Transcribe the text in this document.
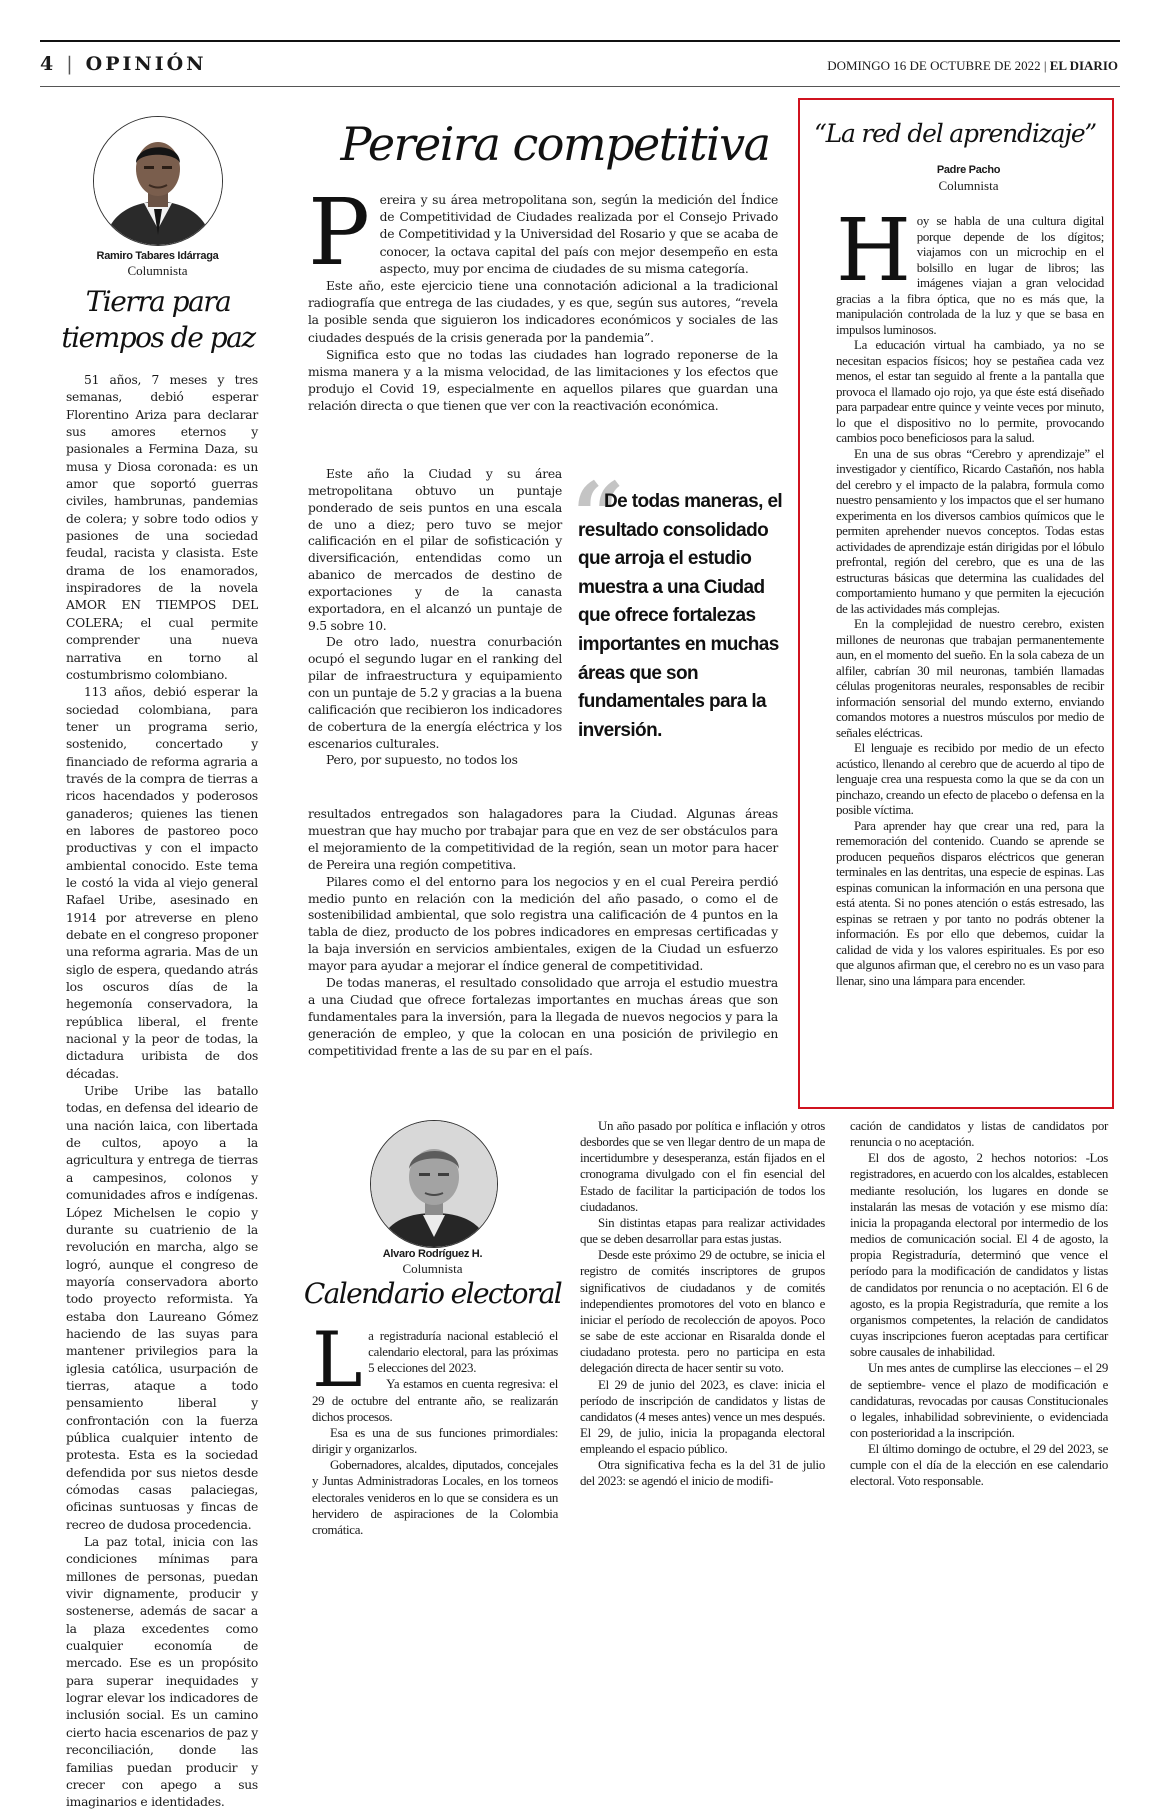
4 | OPINIÓN	DOMINGO 16 DE OCTUBRE DE 2022 | EL DIARIO
Ramiro Tabares Idárraga
Columnista
Tierra para tiempos de paz

51 años, 7 meses y tres semanas, debió esperar Florentino Ariza para declarar sus amores eternos y pasionales a Fermina Daza, su musa y Diosa coronada: es un amor que soportó guerras civiles, hambrunas, pandemias de colera; y sobre todo odios y pasiones de una sociedad feudal, racista y clasista. Este drama de los enamorados, inspiradores de la novela AMOR EN TIEMPOS DEL COLERA; el cual permite comprender una nueva narrativa en torno al costumbrismo colombiano.

113 años, debió esperar la sociedad colombiana, para tener un programa serio, sostenido, concertado y financiado de reforma agraria a través de la compra de tierras a ricos hacendados y poderosos ganaderos; quienes las tienen en labores de pastoreo poco productivas y con el impacto ambiental conocido. Este tema le costó la vida al viejo general Rafael Uribe, asesinado en 1914 por atreverse en pleno debate en el congreso proponer una reforma agraria. Mas de un siglo de espera, quedando atrás los oscuros días de la hegemonía conservadora, la república liberal, el frente nacional y la peor de todas, la dictadura uribista de dos décadas.

Uribe Uribe las batallo todas, en defensa del ideario de una nación laica, con libertada de cultos, apoyo a la agricultura y entrega de tierras a campesinos, colonos y comunidades afros e indígenas. López Michelsen le copio y durante su cuatrienio de la revolución en marcha, algo se logró, aunque el congreso de mayoría conservadora aborto todo proyecto reformista. Ya estaba don Laureano Gómez haciendo de las suyas para mantener privilegios para la iglesia católica, usurpación de tierras, ataque a todo pensamiento liberal y confrontación con la fuerza pública cualquier intento de protesta. Esta es la sociedad defendida por sus nietos desde cómodas casas palaciegas, oficinas suntuosas y fincas de recreo de dudosa procedencia.

La paz total, inicia con las condiciones mínimas para millones de personas, puedan vivir dignamente, producir y sostenerse, además de sacar a la plaza excedentes como cualquier economía de mercado. Ese es un propósito para superar inequidades y lograr elevar los indicadores de inclusión social. Es un camino cierto hacia escenarios de paz y reconciliación, donde las familias puedan producir y crecer con apego a sus imaginarios e identidades.

Pereira competitiva

Pereira y su área metropolitana son, según la medición del Índice de Competitividad de Ciudades realizada por el Consejo Privado de Competitividad y la Universidad del Rosario y que se acaba de conocer, la octava capital del país con mejor desempeño en esta aspecto, muy por encima de ciudades de su misma categoría.

Este año, este ejercicio tiene una connotación adicional a la tradicional radiografía que entrega de las ciudades, y es que, según sus autores, “revela la posible senda que siguieron los indicadores económicos y sociales de las ciudades después de la crisis generada por la pandemia”.

Significa esto que no todas las ciudades han logrado reponerse de la misma manera y a la misma velocidad, de las limitaciones y los efectos que produjo el Covid 19, especialmente en aquellos pilares que guardan una relación directa o que tienen que ver con la reactivación económica.

Este año la Ciudad y su área metropolitana obtuvo un puntaje ponderado de seis puntos en una escala de uno a diez; pero tuvo se mejor calificación en el pilar de sofisticación y diversificación, entendidas como un abanico de mercados de destino de exportaciones y de la canasta exportadora, en el alcanzó un puntaje de 9.5 sobre 10.

De otro lado, nuestra conurbación ocupó el segundo lugar en el ranking del pilar de infraestructura y equipamiento con un puntaje de 5.2 y gracias a la buena calificación que recibieron los indicadores de cobertura de la energía eléctrica y los escenarios culturales.

Pero, por supuesto, no todos los

“
De todas maneras, el resultado consolidado que arroja el estudio muestra a una Ciudad que ofrece fortalezas importantes en muchas áreas que son fundamentales para la inversión.

resultados entregados son halagadores para la Ciudad. Algunas áreas muestran que hay mucho por trabajar para que en vez de ser obstáculos para el mejoramiento de la competitividad de la región, sean un motor para hacer de Pereira una región competitiva.

Pilares como el del entorno para los negocios y en el cual Pereira perdió medio punto en relación con la medición del año pasado, o como el de sostenibilidad ambiental, que solo registra una calificación de 4 puntos en la tabla de diez, producto de los pobres indicadores en empresas certificadas y la baja inversión en servicios ambientales, exigen de la Ciudad un esfuerzo mayor para ayudar a mejorar el índice general de competitividad.

De todas maneras, el resultado consolidado que arroja el estudio muestra a una Ciudad que ofrece fortalezas importantes en muchas áreas que son fundamentales para la inversión, para la llegada de nuevos negocios y para la generación de empleo, y que la colocan en una posición de privilegio en competitividad frente a las de su par en el país.

“La red del aprendizaje”
Padre Pacho
Columnista

Hoy se habla de una cultura digital porque depende de los dígitos; viajamos con un microchip en el bolsillo en lugar de libros; las imágenes viajan a gran velocidad gracias a la fibra óptica, que no es más que, la manipulación controlada de la luz y que se basa en impulsos luminosos.

La educación virtual ha cambiado, ya no se necesitan espacios físicos; hoy se pestañea cada vez menos, el estar tan seguido al frente a la pantalla que provoca el llamado ojo rojo, ya que éste está diseñado para parpadear entre quince y veinte veces por minuto, lo que el dispositivo no lo permite, provocando cambios poco beneficiosos para la salud.

En una de sus obras “Cerebro y aprendizaje” el investigador y científico, Ricardo Castañón, nos habla del cerebro y el impacto de la palabra, formula como nuestro pensamiento y los impactos que el ser humano experimenta en los diversos cambios químicos que le permiten aprehender nuevos conceptos. Todas estas actividades de aprendizaje están dirigidas por el lóbulo prefrontal, región del cerebro, que es una de las estructuras básicas que determina las cualidades del comportamiento humano y que permiten la ejecución de las actividades más complejas.

En la complejidad de nuestro cerebro, existen millones de neuronas que trabajan permanentemente aun, en el momento del sueño. En la sola cabeza de un alfiler, cabrían 30 mil neuronas, también llamadas células progenitoras neurales, responsables de recibir información sensorial del mundo externo, enviando comandos motores a nuestros músculos por medio de señales eléctricas.

El lenguaje es recibido por medio de un efecto acústico, llenando al cerebro que de acuerdo al tipo de lenguaje crea una respuesta como la que se da con un pinchazo, creando un efecto de placebo o defensa en la posible víctima.

Para aprender hay que crear una red, para la rememoración del contenido. Cuando se aprende se producen pequeños disparos eléctricos que generan terminales en las dentritas, una especie de espinas. Las espinas comunican la información en una persona que está atenta. Si no pones atención o estás estresado, las espinas se retraen y por tanto no podrás obtener la información. Es por ello que debemos, cuidar la calidad de vida y los valores espirituales. Es por eso que algunos afirman que, el cerebro no es un vaso para llenar, sino una lámpara para encender.

Alvaro Rodríguez H.
Columnista
Calendario electoral

La registraduría nacional estableció el calendario electoral, para las próximas 5 elecciones del 2023.

Ya estamos en cuenta regresiva: el 29 de octubre del entrante año, se realizarán dichos procesos.

Esa es una de sus funciones primordiales: dirigir y organizarlos.

Gobernadores, alcaldes, diputados, concejales y Juntas Administradoras Locales, en los torneos electorales venideros en lo que se considera es un hervidero de aspiraciones de la Colombia cromática.

Un año pasado por política e inflación y otros desbordes que se ven llegar dentro de un mapa de incertidumbre y desesperanza, están fijados en el cronograma divulgado con el fin esencial del Estado de facilitar la participación de todos los ciudadanos.

Sin distintas etapas para realizar actividades que se deben desarrollar para estas justas.

Desde este próximo 29 de octubre, se inicia el registro de comités inscriptores de grupos significativos de ciudadanos y de comités independientes promotores del voto en blanco e iniciar el período de recolección de apoyos. Poco se sabe de este accionar en Risaralda donde el ciudadano protesta. pero no participa en esta delegación directa de hacer sentir su voto.

El 29 de junio del 2023, es clave: inicia el período de inscripción de candidatos y listas de candidatos (4 meses antes) vence un mes después. El 29, de julio, inicia la propaganda electoral empleando el espacio público.

Otra significativa fecha es la del 31 de julio del 2023: se agendó el inicio de modifi-

cación de candidatos y listas de candidatos por renuncia o no aceptación.

El dos de agosto, 2 hechos notorios: -Los registradores, en acuerdo con los alcaldes, establecen mediante resolución, los lugares en donde se instalarán las mesas de votación y ese mismo día: inicia la propaganda electoral por intermedio de los medios de comunicación social. El 4 de agosto, la propia Registraduría, determinó que vence el período para la modificación de candidatos y listas de candidatos por renuncia o no aceptación. El 6 de agosto, es la propia Registraduría, que remite a los organismos competentes, la relación de candidatos cuyas inscripciones fueron aceptadas para certificar sobre causales de inhabilidad.

Un mes antes de cumplirse las elecciones – el 29 de septiembre- vence el plazo de modificación e candidaturas, revocadas por causas Constitucionales o legales, inhabilidad sobreviniente, o evidenciada con posterioridad a la inscripción.

El último domingo de octubre, el 29 del 2023, se cumple con el día de la elección en ese calendario electoral. Voto responsable.
